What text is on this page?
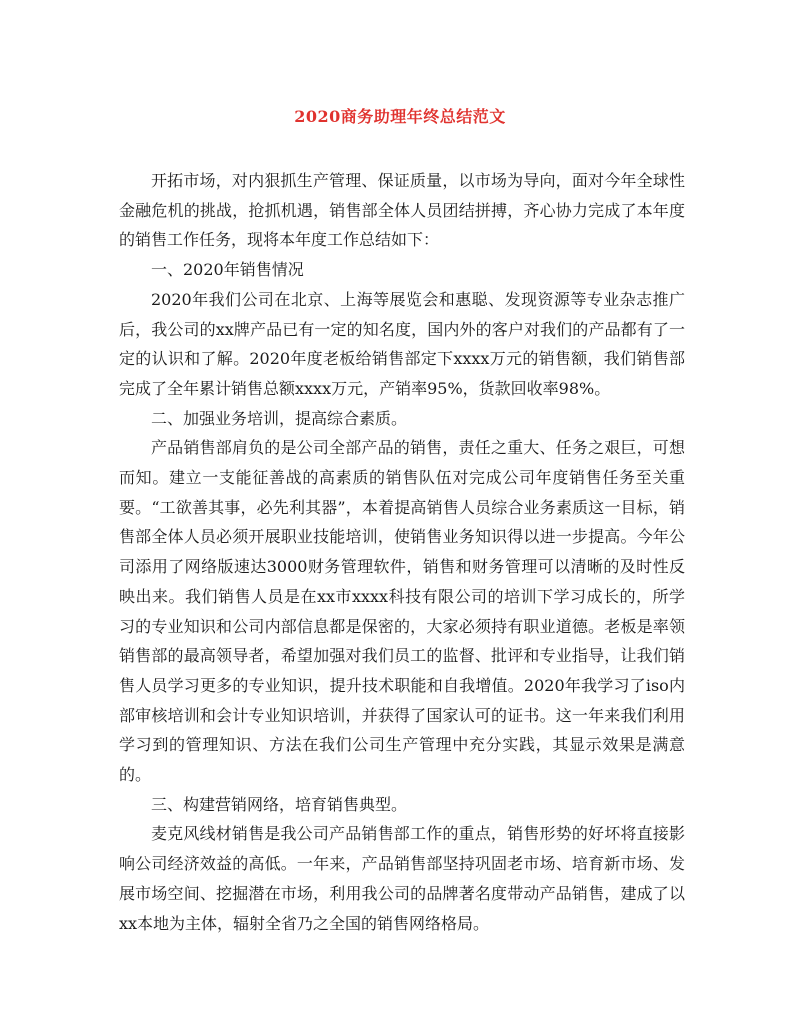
2020商务助理年终总结范文

开拓市场，对内狠抓生产管理、保证质量，以市场为导向，面对今年全球性金融危机的挑战，抢抓机遇，销售部全体人员团结拼搏，齐心协力完成了本年度的销售工作任务，现将本年度工作总结如下：

一、2020年销售情况

2020年我们公司在北京、上海等展览会和惠聪、发现资源等专业杂志推广后，我公司的xx牌产品已有一定的知名度，国内外的客户对我们的产品都有了一定的认识和了解。2020年度老板给销售部定下xxxx万元的销售额，我们销售部完成了全年累计销售总额xxxx万元，产销率95%，货款回收率98%。

二、加强业务培训，提高综合素质。

产品销售部肩负的是公司全部产品的销售，责任之重大、任务之艰巨，可想而知。建立一支能征善战的高素质的销售队伍对完成公司年度销售任务至关重要。“工欲善其事，必先利其器”，本着提高销售人员综合业务素质这一目标，销售部全体人员必须开展职业技能培训，使销售业务知识得以进一步提高。今年公司添用了网络版速达3000财务管理软件，销售和财务管理可以清晰的及时性反映出来。我们销售人员是在xx市xxxx科技有限公司的培训下学习成长的，所学习的专业知识和公司内部信息都是保密的，大家必须持有职业道德。老板是率领销售部的最高领导者，希望加强对我们员工的监督、批评和专业指导，让我们销售人员学习更多的专业知识，提升技术职能和自我增值。2020年我学习了iso内部审核培训和会计专业知识培训，并获得了国家认可的证书。这一年来我们利用学习到的管理知识、方法在我们公司生产管理中充分实践，其显示效果是满意的。

三、构建营销网络，培育销售典型。

麦克风线材销售是我公司产品销售部工作的重点，销售形势的好坏将直接影响公司经济效益的高低。一年来，产品销售部坚持巩固老市场、培育新市场、发展市场空间、挖掘潜在市场，利用我公司的品牌著名度带动产品销售，建成了以xx本地为主体，辐射全省乃之全国的销售网络格局。
